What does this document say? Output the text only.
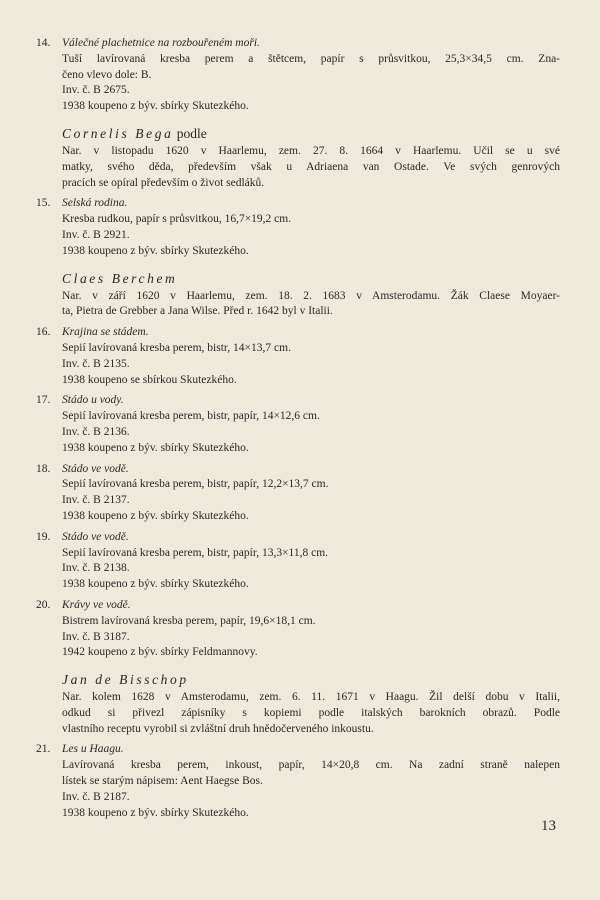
14. Válečné plachetnice na rozbouřeném moři.
Tuší lavírovaná kresba perem a štětcem, papír s průsvitkou, 25,3×34,5 cm. Zna-
čeno vlevo dole: B.
Inv. č. B 2675.
1938 koupeno z býv. sbírky Skutezkého.
Cornelis Bega podle
Nar. v listopadu 1620 v Haarlemu, zem. 27. 8. 1664 v Haarlemu. Učil se u své
matky, svého děda, především však u Adriaena van Ostade. Ve svých genrových
pracích se opíral především o život sedláků.
15. Selská rodina.
Kresba rudkou, papír s průsvitkou, 16,7×19,2 cm.
Inv. č. B 2921.
1938 koupeno z býv. sbírky Skutezkého.
Claes Berchem
Nar. v září 1620 v Haarlemu, zem. 18. 2. 1683 v Amsterodamu. Žák Claese Moyaer-
ta, Pietra de Grebber a Jana Wilse. Před r. 1642 byl v Italii.
16. Krajina se stádem.
Sepií lavírovaná kresba perem, bistr, 14×13,7 cm.
Inv. č. B 2135.
1938 koupeno se sbírkou Skutezkého.
17. Stádo u vody.
Sepií lavírovaná kresba perem, bistr, papír, 14×12,6 cm.
Inv. č. B 2136.
1938 koupeno z býv. sbírky Skutezkého.
18. Stádo ve vodě.
Sepií lavírovaná kresba perem, bistr, papír, 12,2×13,7 cm.
Inv. č. B 2137.
1938 koupeno z býv. sbírky Skutezkého.
19. Stádo ve vodě.
Sepií lavírovaná kresba perem, bistr, papír, 13,3×11,8 cm.
Inv. č. B 2138.
1938 koupeno z býv. sbírky Skutezkého.
20. Krávy ve vodě.
Bistrem lavírovaná kresba perem, papír, 19,6×18,1 cm.
Inv. č. B 3187.
1942 koupeno z býv. sbírky Feldmannovy.
Jan de Bisschop
Nar. kolem 1628 v Amsterodamu, zem. 6. 11. 1671 v Haagu. Žil delší dobu v Italii,
odkud si přivezl zápisníky s kopiemi podle italských barokních obrazů. Podle
vlastního receptu vyrobil si zvláštní druh hnědočerveného inkoustu.
21. Les u Haagu.
Lavírovaná kresba perem, inkoust, papír, 14×20,8 cm. Na zadní straně nalepen
lístek se starým nápisem: Aent Haegse Bos.
Inv. č. B 2187.
1938 koupeno z býv. sbírky Skutezkého.
13
